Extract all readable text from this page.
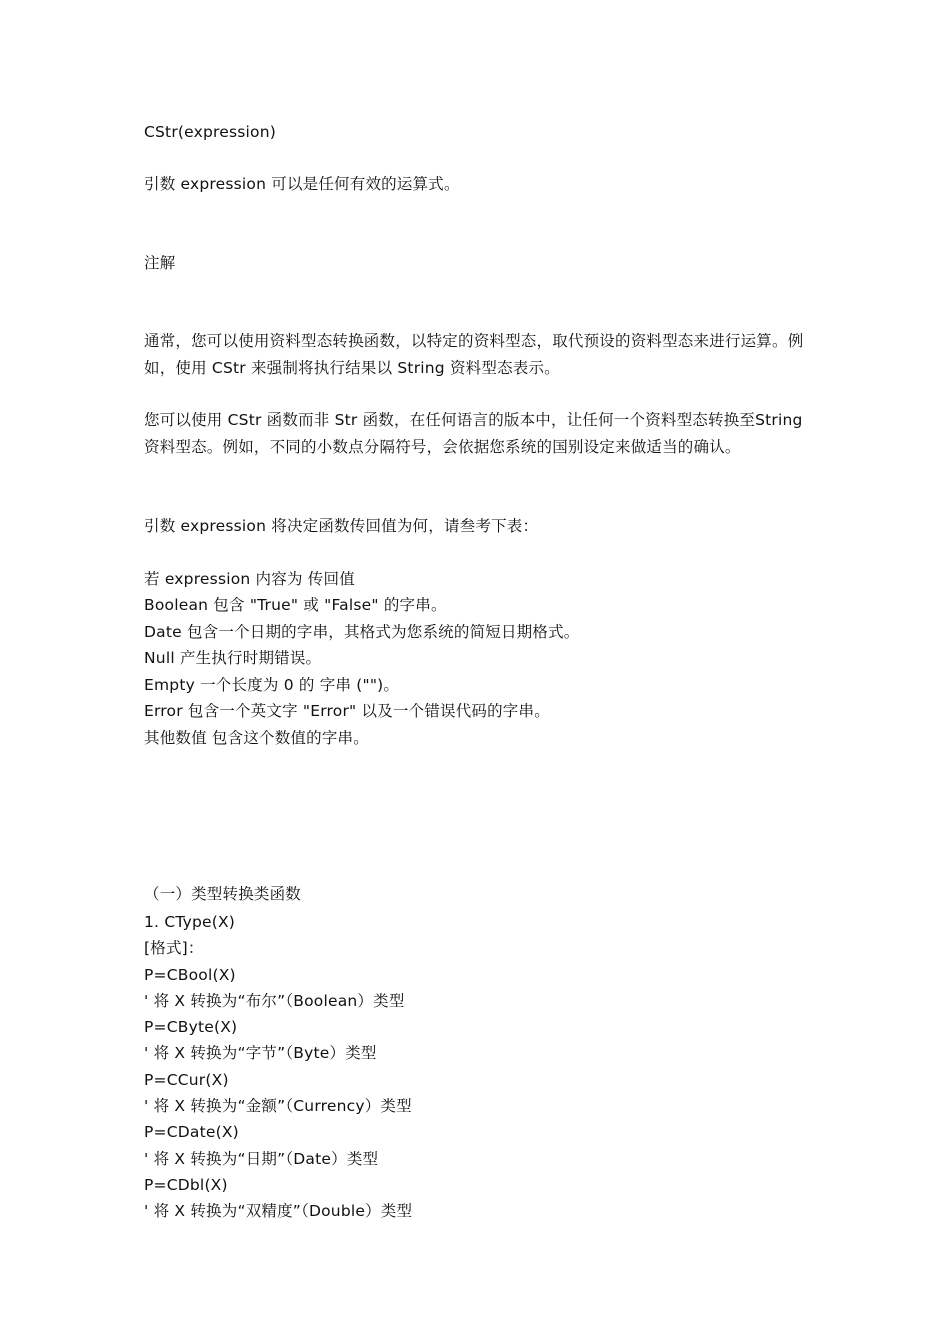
CStr(expression)
引数 expression 可以是任何有效的运算式。
注解
通常，您可以使用资料型态转换函数，以特定的资料型态，取代预设的资料型态来进行运算。例如，使用 CStr 来强制将执行结果以 String 资料型态表示。
您可以使用 CStr 函数而非 Str 函数，在任何语言的版本中，让任何一个资料型态转换至String 资料型态。例如，不同的小数点分隔符号，会依据您系统的国别设定来做适当的确认。
引数 expression 将决定函数传回值为何，请叁考下表：
若 expression 内容为 传回值
Boolean 包含 "True" 或 "False" 的字串。
Date 包含一个日期的字串，其格式为您系统的简短日期格式。
Null 产生执行时期错误。
Empty 一个长度为 0 的 字串 ("")。
Error 包含一个英文字 "Error" 以及一个错误代码的字串。
其他数值 包含这个数值的字串。
（一）类型转换类函数
1. CType(X)
[格式]：
P=CBool(X)
' 将 X 转换为“布尔”（Boolean）类型
P=CByte(X)
' 将 X 转换为“字节”（Byte）类型
P=CCur(X)
' 将 X 转换为“金额”（Currency）类型
P=CDate(X)
' 将 X 转换为“日期”（Date）类型
P=CDbl(X)
' 将 X 转换为“双精度”（Double）类型
